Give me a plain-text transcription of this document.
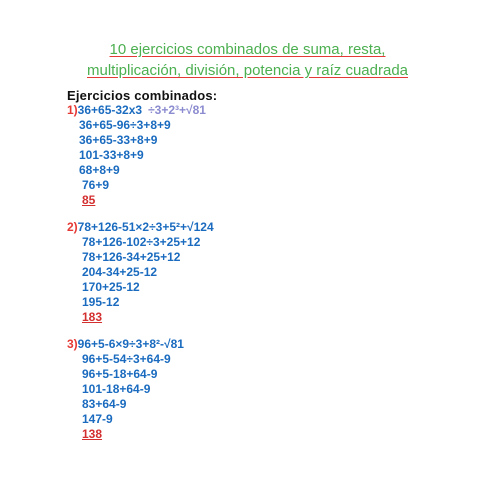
10 ejercicios combinados de suma, resta,
multiplicación, división, potencia y raíz cuadrada
Ejercicios combinados:
1)36+65-32x3 ÷3+2³+√81
36+65-96÷3+8+9
36+65-33+8+9
101-33+8+9
68+8+9
76+9
85
2)78+126-51×2÷3+5²+√124
78+126-102÷3+25+12
78+126-34+25+12
204-34+25-12
170+25-12
195-12
183
3)96+5-6×9÷3+8²-√81
96+5-54÷3+64-9
96+5-18+64-9
101-18+64-9
83+64-9
147-9
138
